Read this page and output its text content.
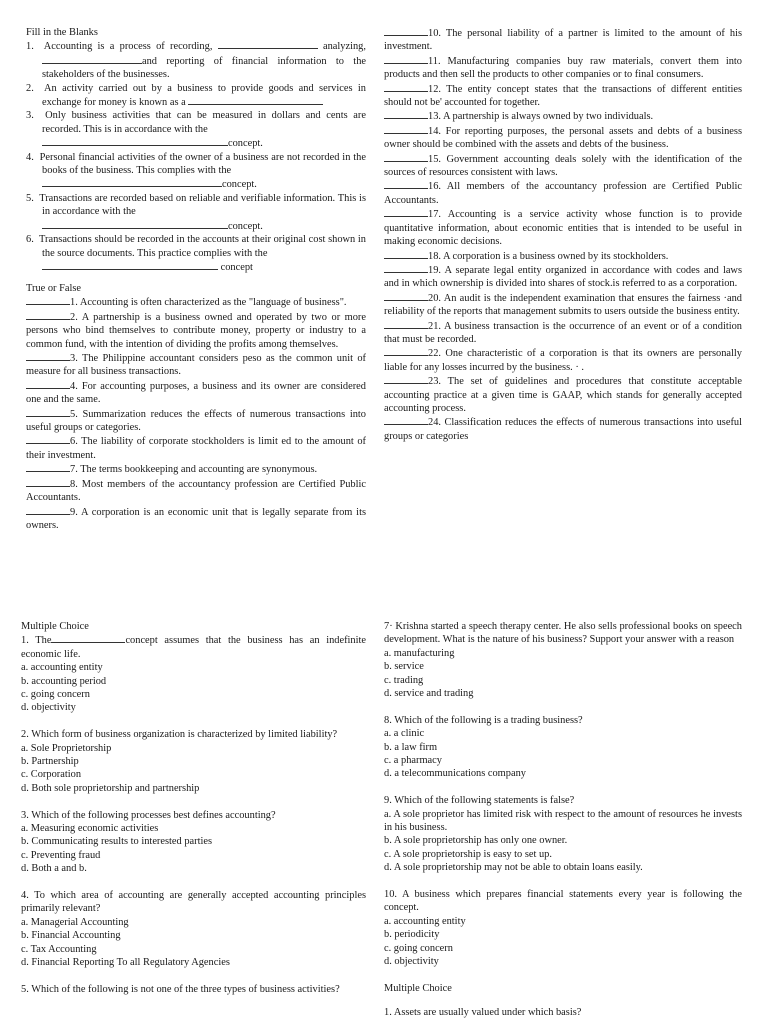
Fill in the Blanks

1. Accounting is a process of recording,	analyzing, and reporting of financial information to the stakeholders of the businesses.

2. An activity carried out by a business to provide goods and services in exchange for money is known as a

3. Only business activities that can be measured in dollars and cents are recorded. This is in accordance with the
concept.

4. Personal financial activities of the owner of a business are not recorded in the books of the business. This complies with the
concept.

5. Transactions are recorded based on reliable and verifiable information. This is in accordance with the
concept.

6. Transactions should be recorded in the accounts at their original cost shown in the source documents. This practice complies with the
concept

True or False

1. Accounting is often characterized as the "language of business".

2. A partnership is a business owned and operated by two or more persons who bind themselves to contribute money, property or industry to a common fund, with the intention of dividing the profits among themselves.

3. The Philippine accountant considers peso as the common unit of measure for all business transactions.

4. For accounting purposes, a business and its owner are considered one and the same.

5. Summarization reduces the effects of numerous transactions into useful groups or categories.

6. The liability of corporate stockholders is limit ed to the amount of their investment.

7. The terms bookkeeping and accounting are synonymous.

8. Most members of the accountancy profession are Certified Public Accountants.

9. A corporation is an economic unit that is legally separate from its owners.

10. The personal liability of a partner is limited to the amount of his investment.

11. Manufacturing companies buy raw materials, convert them into products and then sell the products to other companies or to final consumers.

12. The entity concept states that the transactions of different entities should not be' accounted for together.

13. A partnership is always owned by two individuals.

14. For reporting purposes, the personal assets and debts of a business owner should be combined with the assets and debts of the business.

15. Government accounting deals solely with the identification of the sources of resources consistent with laws.

16. All members of the accountancy profession are Certified Public Accountants.

17. Accounting is a service activity whose function is to provide quantitative information, about economic entities that is intended to be useful in making economic decisions.

18. A corporation is a business owned by its stockholders.

19. A separate legal entity organized in accordance with codes and laws and in which ownership is divided into shares of stock.is referred to as a corporation.

20. An audit is the independent examination that ensures the fairness ·and reliability of the reports that management submits to users outside the business entity.

21. A business transaction is the occurrence of an event or of a condition that must be recorded.

22. One characteristic of a corporation is that its owners are personally liable for any losses incurred by the business. · .

23. The set of guidelines and procedures that constitute acceptable accounting practice at a given time is GAAP, which stands for generally accepted accounting process.

24. Classification reduces the effects of numerous transactions into useful groups or categories

Multiple Choice

1. The	concept assumes that the business has an indefinite economic life.

a. accounting entity

b. accounting period

c. going concern

d. objectivity

2. Which form of business organization is characterized by limited liability?

a. Sole Proprietorship

b. Partnership

c. Corporation

d. Both sole proprietorship and partnership

3. Which of the following processes best defines accounting?

a. Measuring economic activities

b. Communicating results to interested parties

c. Preventing fraud

d. Both a and b.

4. To which area of accounting are generally accepted accounting principles primarily relevant?

a. Managerial Accounting

b. Financial Accounting

c. Tax Accounting

d. Financial Reporting To all Regulatory Agencies

5. Which of the following is not one of the three types of business activities?

7· Krishna started a speech therapy center. He also sells professional books on speech development. What is the nature of his business? Support your answer with a reason

a. manufacturing

b. service

c. trading

d. service and trading

8. Which of the following is a trading business?

a. a clinic

b. a law firm

c. a pharmacy

d. a telecommunications company

9. Which of the following statements is false?

a. A sole proprietor has limited risk with respect to the amount of resources he invests in his business.

b. A sole proprietorship has only one owner.

c. A sole proprietorship is easy to set up.

d. A sole proprietorship may not be able to obtain loans easily.

10. A business which prepares financial statements every year is following the concept.

a. accounting entity

b. periodicity

c. going concern

d. objectivity

Multiple Choice

1. Assets are usually valued under which basis?
